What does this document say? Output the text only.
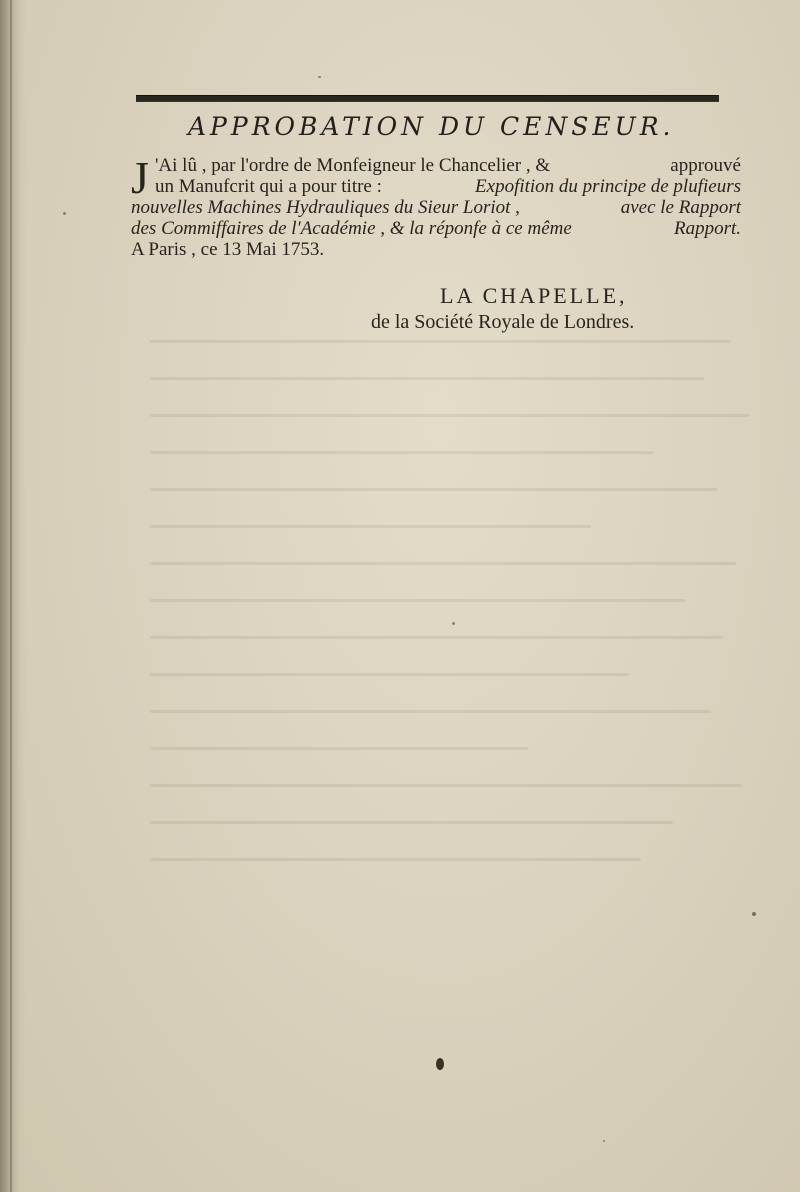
APPROBATION DU CENSEUR.
J 'Ai lû , par l'ordre de Monfeigneur le Chancelier , &	approuvé
un Manufcrit qui a pour titre :	Expofition du principe de plufieurs
nouvelles Machines Hydrauliques du Sieur Loriot ,	avec le Rapport
des Commiffaires de l'Académie , & la réponfe à ce même	Rapport.
A Paris , ce 13 Mai 1753.
LA CHAPELLE,
de la Société Royale de Londres.
